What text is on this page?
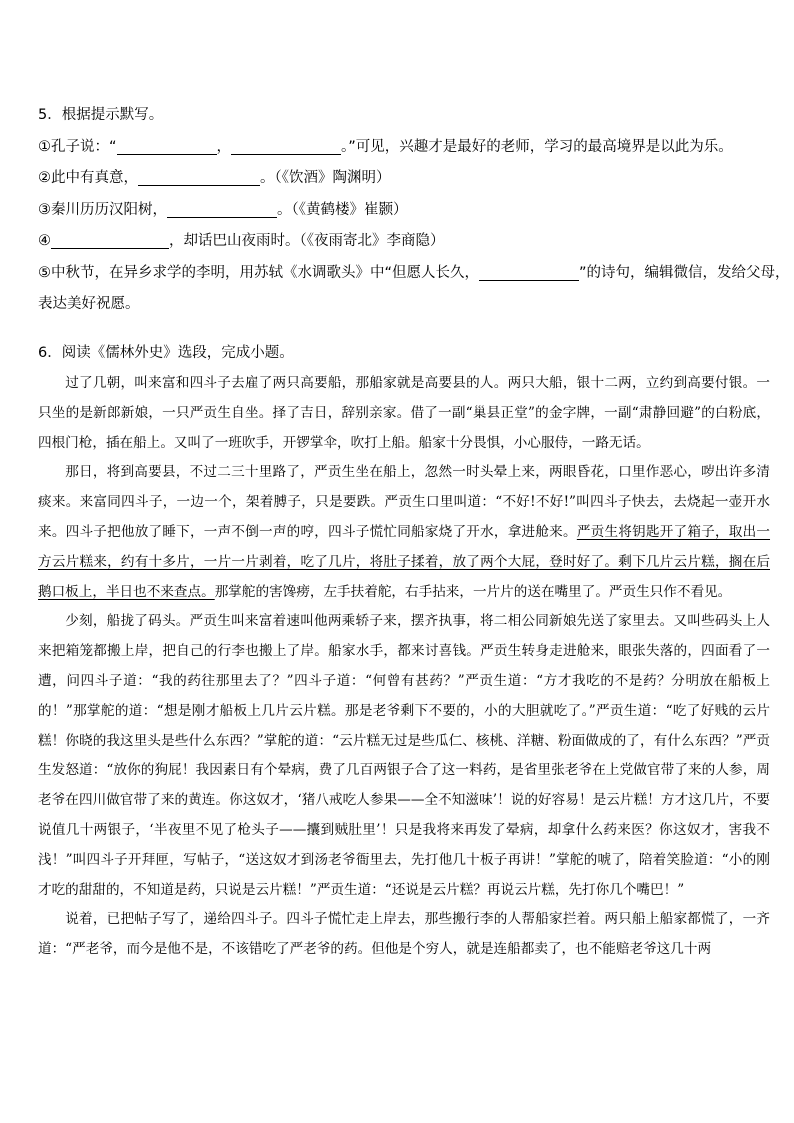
5．根据提示默写。
①孔子说：“	，	。”可见，兴趣才是最好的老师，学习的最高境界是以此为乐。
②此中有真意，	。（《饮酒》陶渊明）
③秦川历历汉阳树，	。（《黄鹤楼》崔颢）
④	，却话巴山夜雨时。（《夜雨寄北》李商隐）
⑤中秋节，在异乡求学的李明，用苏轼《水调歌头》中“但愿人长久，	”的诗句，编辑微信，发给父母，
表达美好祝愿。
6．阅读《儒林外史》选段，完成小题。

过了几朝，叫来富和四斗子去雇了两只高要船，那船家就是高要县的人。两只大船，银十二两，立约到高要付银。一只坐的是新郎新娘，一只严贡生自坐。择了吉日，辞别亲家。借了一副“巢县正堂”的金字牌，一副“肃静回避”的白粉底，四根门枪，插在船上。又叫了一班吹手，开锣掌伞，吹打上船。船家十分畏惧，小心服侍，一路无话。

那日，将到高要县，不过二三十里路了，严贡生坐在船上，忽然一时头晕上来，两眼昏花，口里作恶心，哕出许多清痰来。来富同四斗子，一边一个，架着膊子，只是要跌。严贡生口里叫道：“不好!不好!”叫四斗子快去，去烧起一壶开水来。四斗子把他放了睡下，一声不倒一声的哼，四斗子慌忙同船家烧了开水，拿进舱来。严贡生将钥匙开了箱子，取出一方云片糕来，约有十多片，一片一片剥着，吃了几片，将肚子揉着，放了两个大屁，登时好了。剩下几片云片糕，搁在后鹅口板上，半日也不来查点。那掌舵的害馋痨，左手扶着舵，右手拈来，一片片的送在嘴里了。严贡生只作不看见。

少刻，船拢了码头。严贡生叫来富着速叫他两乘轿子来，摆齐执事，将二相公同新娘先送了家里去。又叫些码头上人来把箱笼都搬上岸，把自己的行李也搬上了岸。船家水手，都来讨喜钱。严贡生转身走进舱来，眼张失落的，四面看了一遭，问四斗子道：“我的药往那里去了？”四斗子道：“何曾有甚药？”严贡生道：“方才我吃的不是药？分明放在船板上的！”那掌舵的道：“想是刚才船板上几片云片糕。那是老爷剩下不要的，小的大胆就吃了。”严贡生道：“吃了好贱的云片糕！你晓的我这里头是些什么东西？”掌舵的道：“云片糕无过是些瓜仁、核桃、洋糖、粉面做成的了，有什么东西？”严贡生发怒道：“放你的狗屁！我因素日有个晕病，费了几百两银子合了这一料药，是省里张老爷在上党做官带了来的人参，周老爷在四川做官带了来的黄连。你这奴才，‘猪八戒吃人参果——全不知滋味’！说的好容易！是云片糕！方才这几片，不要说值几十两银子，‘半夜里不见了枪头子——攮到贼肚里’！只是我将来再发了晕病，却拿什么药来医？你这奴才，害我不浅！”叫四斗子开拜匣，写帖子，“送这奴才到汤老爷衙里去，先打他几十板子再讲！”掌舵的唬了，陪着笑脸道：“小的刚才吃的甜甜的，不知道是药，只说是云片糕！”严贡生道：“还说是云片糕？再说云片糕，先打你几个嘴巴！”

说着，已把帖子写了，递给四斗子。四斗子慌忙走上岸去，那些搬行李的人帮船家拦着。两只船上船家都慌了，一齐道：“严老爷，而今是他不是，不该错吃了严老爷的药。但他是个穷人，就是连船都卖了，也不能赔老爷这几十两
